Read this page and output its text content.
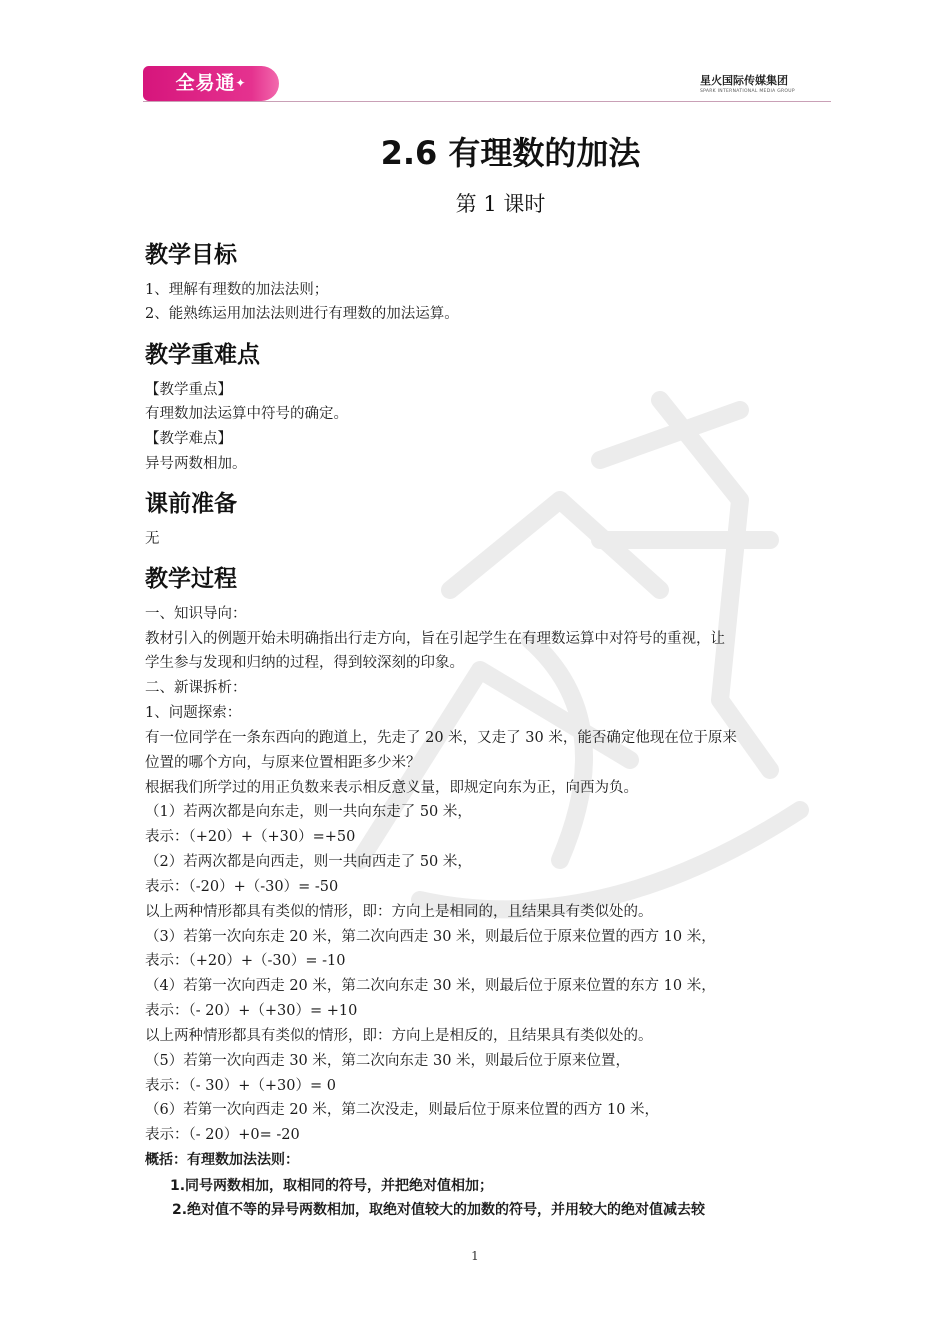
全易通✦	星火国际传媒集团
SPARK INTERNATIONAL MEDIA GROUP
2.6 有理数的加法
第 1 课时
教学目标
1、理解有理数的加法法则；
2、能熟练运用加法法则进行有理数的加法运算。
教学重难点
【教学重点】
有理数加法运算中符号的确定。
【教学难点】
异号两数相加。
课前准备
无
教学过程
一、知识导向：
教材引入的例题开始未明确指出行走方向，旨在引起学生在有理数运算中对符号的重视，让
学生参与发现和归纳的过程，得到较深刻的印象。
二、新课拆析：
1、问题探索：
有一位同学在一条东西向的跑道上，先走了 20 米，又走了 30 米，能否确定他现在位于原来
位置的哪个方向，与原来位置相距多少米？
根据我们所学过的用正负数来表示相反意义量，即规定向东为正，向西为负。
（1）若两次都是向东走，则一共向东走了 50 米，
表示：（+20）+（+30）=+50
（2）若两次都是向西走，则一共向西走了 50 米，
表示：（-20）+（-30）= -50
以上两种情形都具有类似的情形，即：方向上是相同的，且结果具有类似处的。
（3）若第一次向东走 20 米，第二次向西走 30 米，则最后位于原来位置的西方 10 米，
表示：（+20）+（-30）= -10
（4）若第一次向西走 20 米，第二次向东走 30 米，则最后位于原来位置的东方 10 米，
表示：（- 20）+（+30）= +10
以上两种情形都具有类似的情形，即：方向上是相反的，且结果具有类似处的。
（5）若第一次向西走 30 米，第二次向东走 30 米，则最后位于原来位置，
表示：（- 30）+（+30）= 0
（6）若第一次向西走 20 米，第二次没走，则最后位于原来位置的西方 10 米，
表示：（- 20）+0= -20
概括：有理数加法法则：
1.同号两数相加，取相同的符号，并把绝对值相加；
2.绝对值不等的异号两数相加，取绝对值较大的加数的符号，并用较大的绝对值减去较
1
